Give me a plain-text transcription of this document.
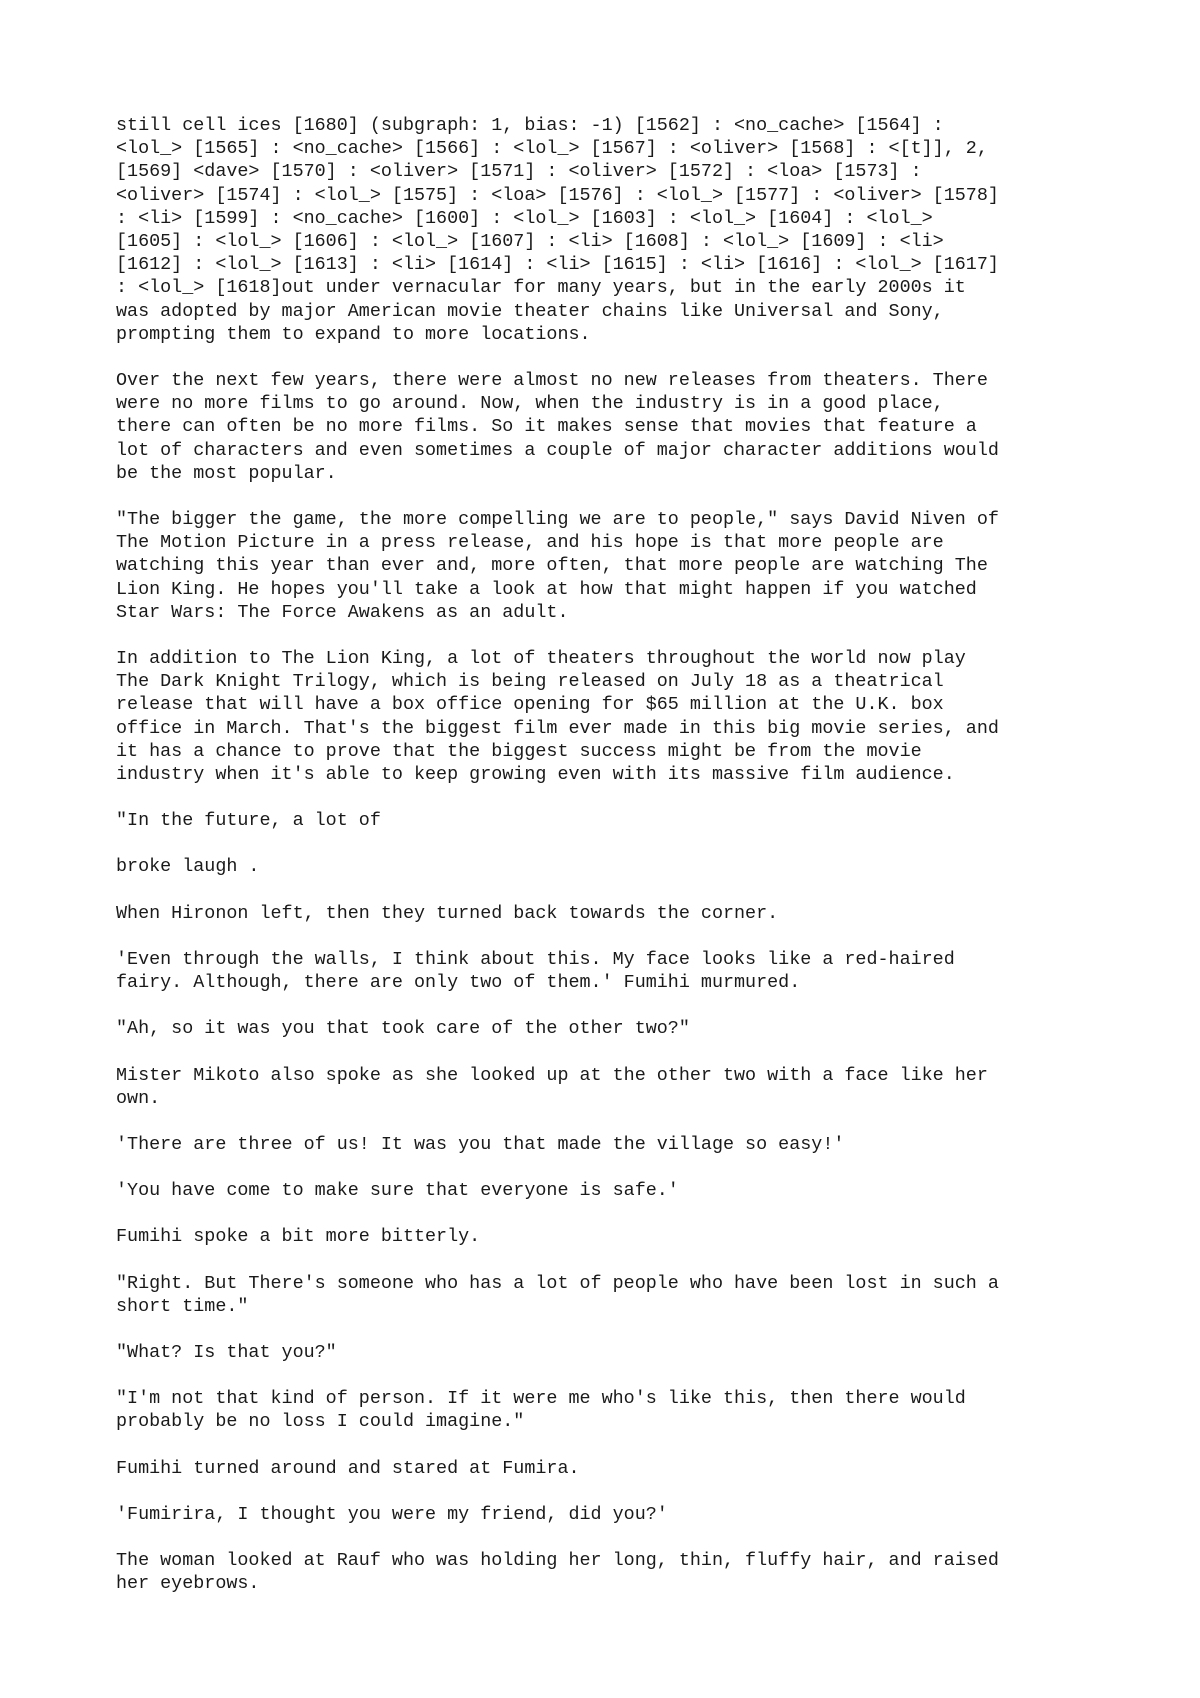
still cell ices [1680] (subgraph: 1, bias: -1) [1562] : <no_cache> [1564] :
<lol_> [1565] : <no_cache> [1566] : <lol_> [1567] : <oliver> [1568] : <[t]], 2,
[1569] <dave> [1570] : <oliver> [1571] : <oliver> [1572] : <loa> [1573] :
<oliver> [1574] : <lol_> [1575] : <loa> [1576] : <lol_> [1577] : <oliver> [1578]
: <li> [1599] : <no_cache> [1600] : <lol_> [1603] : <lol_> [1604] : <lol_>
[1605] : <lol_> [1606] : <lol_> [1607] : <li> [1608] : <lol_> [1609] : <li>
[1612] : <lol_> [1613] : <li> [1614] : <li> [1615] : <li> [1616] : <lol_> [1617]
: <lol_> [1618]out under vernacular for many years, but in the early 2000s it
was adopted by major American movie theater chains like Universal and Sony,
prompting them to expand to more locations.

Over the next few years, there were almost no new releases from theaters. There
were no more films to go around. Now, when the industry is in a good place,
there can often be no more films. So it makes sense that movies that feature a
lot of characters and even sometimes a couple of major character additions would
be the most popular.

"The bigger the game, the more compelling we are to people," says David Niven of
The Motion Picture in a press release, and his hope is that more people are
watching this year than ever and, more often, that more people are watching The
Lion King. He hopes you'll take a look at how that might happen if you watched
Star Wars: The Force Awakens as an adult.

In addition to The Lion King, a lot of theaters throughout the world now play
The Dark Knight Trilogy, which is being released on July 18 as a theatrical
release that will have a box office opening for $65 million at the U.K. box
office in March. That's the biggest film ever made in this big movie series, and
it has a chance to prove that the biggest success might be from the movie
industry when it's able to keep growing even with its massive film audience.

"In the future, a lot of

broke laugh .

When Hironon left, then they turned back towards the corner.

'Even through the walls, I think about this. My face looks like a red-haired
fairy. Although, there are only two of them.' Fumihi murmured.

"Ah, so it was you that took care of the other two?"

Mister Mikoto also spoke as she looked up at the other two with a face like her
own.

'There are three of us! It was you that made the village so easy!'

'You have come to make sure that everyone is safe.'

Fumihi spoke a bit more bitterly.

"Right. But There's someone who has a lot of people who have been lost in such a
short time."

"What? Is that you?"

"I'm not that kind of person. If it were me who's like this, then there would
probably be no loss I could imagine."

Fumihi turned around and stared at Fumira.

'Fumirira, I thought you were my friend, did you?'

The woman looked at Rauf who was holding her long, thin, fluffy hair, and raised
her eyebrows.
